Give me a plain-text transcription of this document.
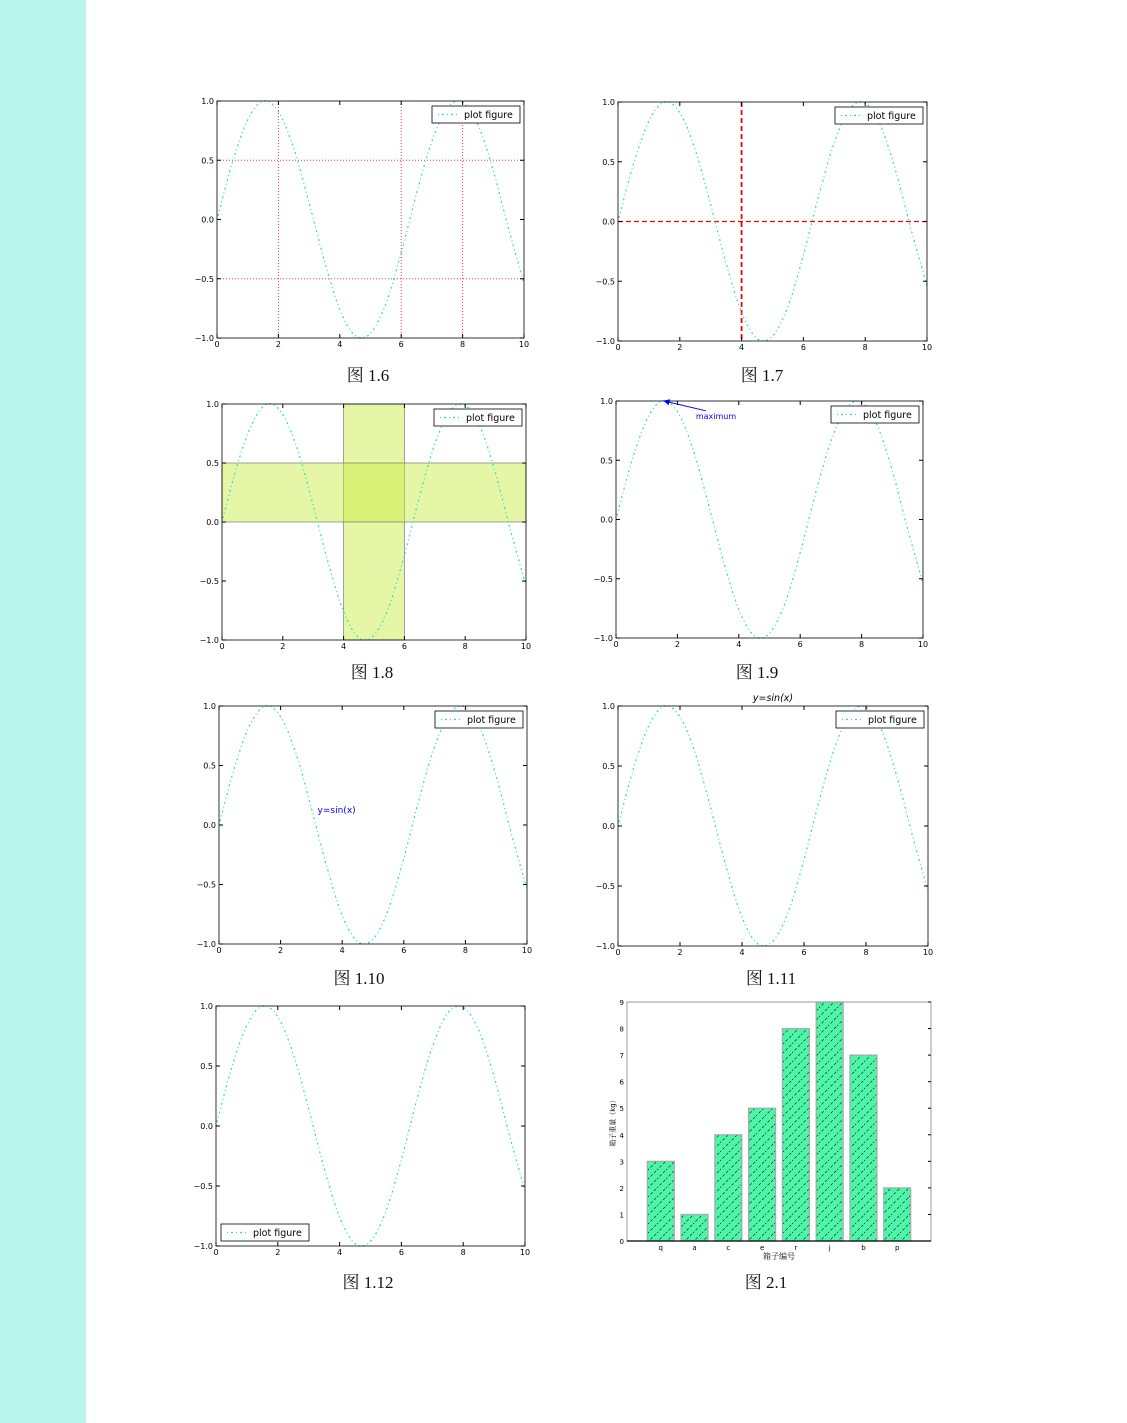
0	2	4	6	8	10
1.0
0.5
0.0
−0.5
−1.0
plot figure
0	2	4	6	8	10
1.0
0.5
0.0
−0.5
−1.0
plot figure
0	2	4	6	8	10
1.0
0.5
0.0
−0.5
−1.0
plot figure
0	2	4	6	8	10
1.0
0.5
0.0
−0.5
−1.0
plot figure
maximum
0	2	4	6	8	10
1.0
0.5
0.0
−0.5
−1.0
plot figure
y=sin(x)
0	2	4	6	8	10
1.0
0.5
0.0
−0.5
−1.0
plot figure
y=sin(x)
0	2	4	6	8	10
1.0
0.5
0.0
−0.5
−1.0
plot figure
q	a	c	e	r	j	b	p
0
1
2
3
4
5
6
7
8
9
箱子编号
箱子重量（kg）
图 1.6	图 1.7
图 1.8	图 1.9
图 1.10	图 1.11
图 1.12	图 2.1
